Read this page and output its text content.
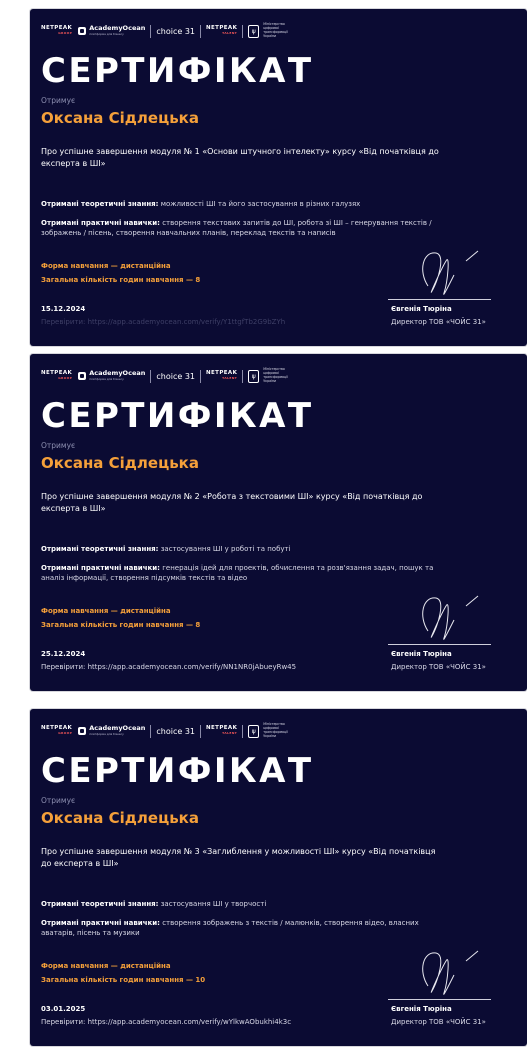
NETPEAK
GROUP
AcademyOcean
платформа для бізнесу	choice 31 NETPEAK
TALENT	ψ
Міністерство цифрової трансформації України
СЕРТИФІКАТ
Отримує
Оксана Сідлецька
Про успішне завершення модуля № 1 «Основи штучного інтелекту» курсу «Від початківця до експерта в ШІ»
Отримані теоретичні знання: можливості ШІ та його застосування в різних галузях
Отримані практичні навички: створення текстових запитів до ШІ, робота зі ШІ – генерування текстів / зображень / пісень, створення навчальних планів, переклад текстів та написів
Форма навчання — дистанційна
Загальна кількість годин навчання — 8
15.12.2024
Перевірити: https://app.academyocean.com/verify/Y1ttgfTb2G9bZYh
Євгенія Тюріна
Директор ТОВ «ЧОЙС 31»
NETPEAK
GROUP
AcademyOcean
платформа для бізнесу	choice 31 NETPEAK
TALENT	ψ
Міністерство цифрової трансформації України
СЕРТИФІКАТ
Отримує
Оксана Сідлецька
Про успішне завершення модуля № 2 «Робота з текстовими ШІ» курсу «Від початківця до експерта в ШІ»
Отримані теоретичні знання: застосування ШІ у роботі та побуті
Отримані практичні навички: генерація ідей для проектів, обчислення та розв'язання задач, пошук та аналіз інформації, створення підсумків текстів та відео
Форма навчання — дистанційна
Загальна кількість годин навчання — 8
25.12.2024
Перевірити: https://app.academyocean.com/verify/NN1NR0jAbueyRw45
Євгенія Тюріна
Директор ТОВ «ЧОЙС 31»
NETPEAK
GROUP
AcademyOcean
платформа для бізнесу	choice 31 NETPEAK
TALENT	ψ
Міністерство цифрової трансформації України
СЕРТИФІКАТ
Отримує
Оксана Сідлецька
Про успішне завершення модуля № 3 «Заглиблення у можливості ШІ» курсу «Від початківця до експерта в ШІ»
Отримані теоретичні знання: застосування ШІ у творчості
Отримані практичні навички: створення зображень з текстів / малюнків, створення відео, власних аватарів, пісень та музики
Форма навчання — дистанційна
Загальна кількість годин навчання — 10
03.01.2025
Перевірити: https://app.academyocean.com/verify/wYlkwAObukhi4k3c
Євгенія Тюріна
Директор ТОВ «ЧОЙС 31»
